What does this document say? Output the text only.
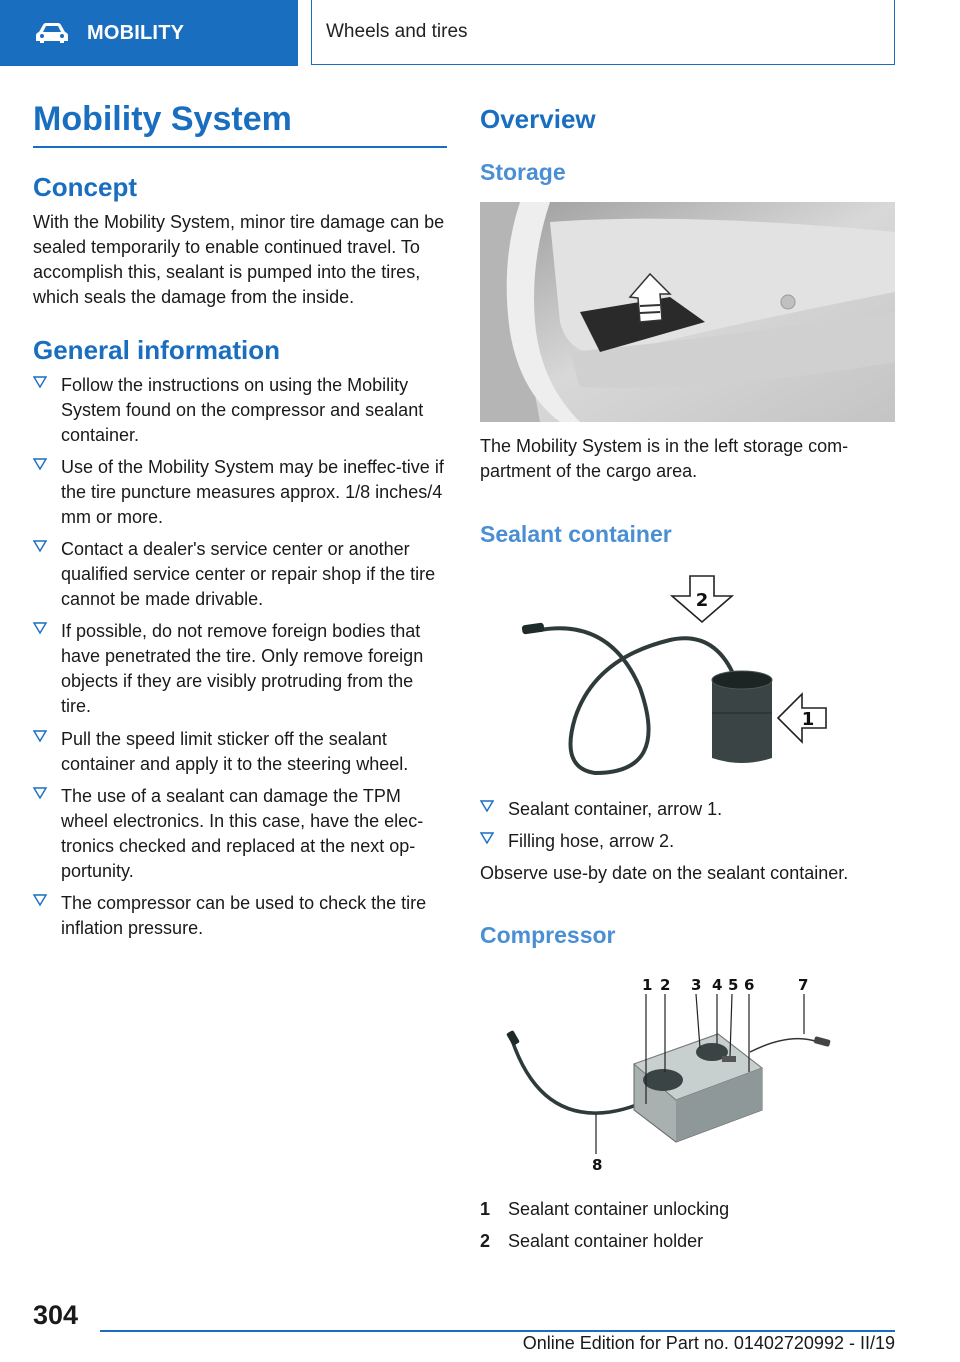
MOBILITY	Wheels and tires
Mobility System
Concept

With the Mobility System, minor tire damage can be sealed temporarily to enable continued travel. To accomplish this, sealant is pumped into the tires, which seals the damage from the inside.

General information
Follow the instructions on using the Mobility System found on the compressor and sealant container.
Use of the Mobility System may be ineffec‐tive if the tire puncture measures approx. 1/8 inches/4 mm or more.
Contact a dealer's service center or another qualified service center or repair shop if the tire cannot be made drivable.
If possible, do not remove foreign bodies that have penetrated the tire. Only remove foreign objects if they are visibly protruding from the tire.
Pull the speed limit sticker off the sealant container and apply it to the steering wheel.
The use of a sealant can damage the TPM wheel electronics. In this case, have the elec‐tronics checked and replaced at the next op‐portunity.
The compressor can be used to check the tire inflation pressure.
Overview
Storage

The Mobility System is in the left storage com‐partment of the cargo area.

Sealant container
2
1
Sealant container, arrow 1.
Filling hose, arrow 2.

Observe use-by date on the sealant container.

Compressor
1 2 3 4 5 6	7
8
1 Sealant container unlocking
2 Sealant container holder
304
Online Edition for Part no. 01402720992 - II/19
